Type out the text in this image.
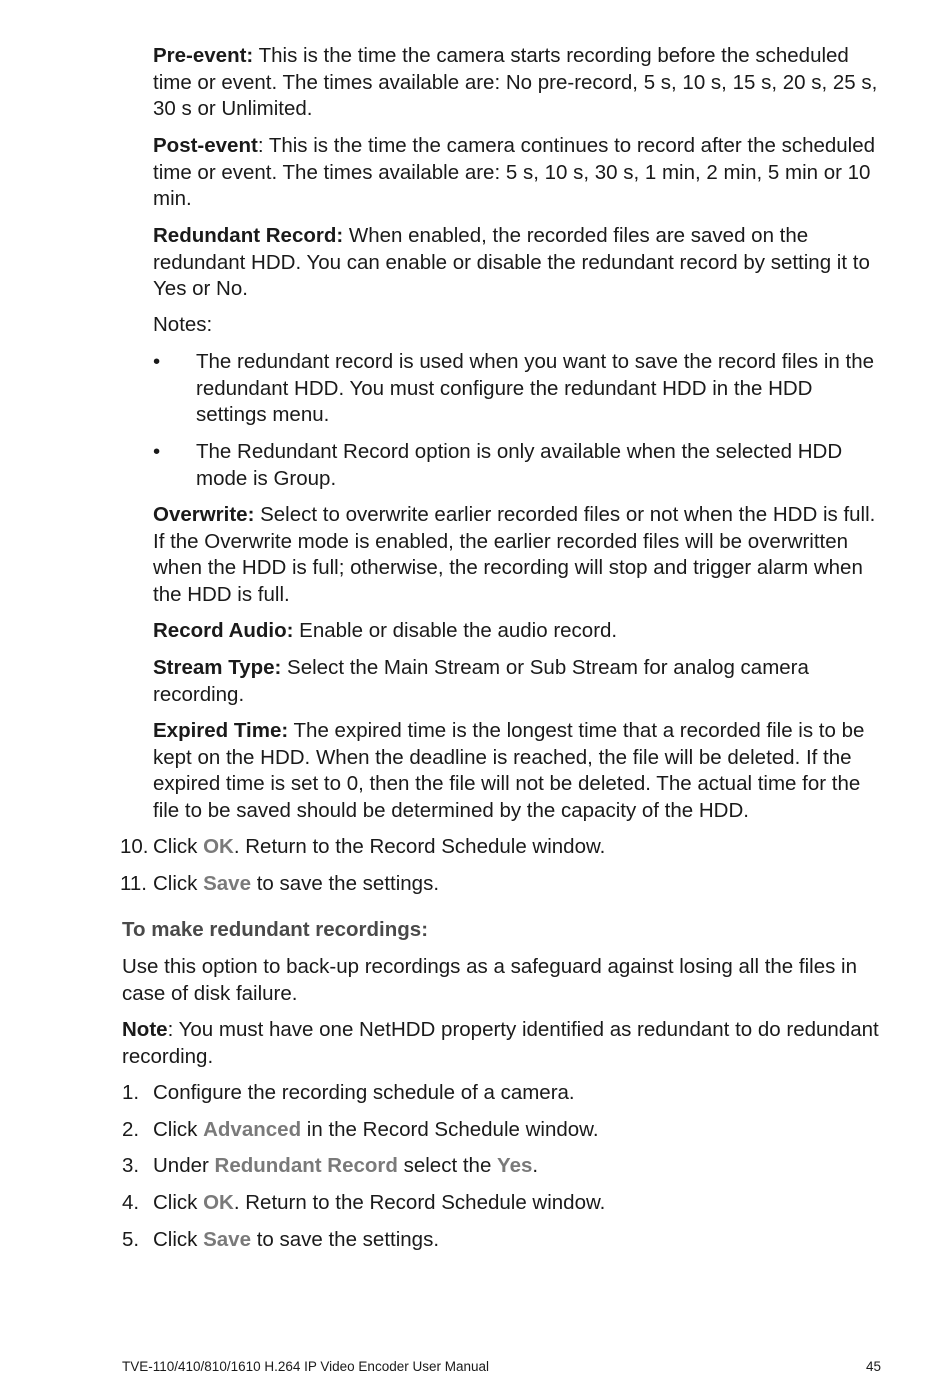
Pre-event: This is the time the camera starts recording before the scheduled time or event. The times available are: No pre-record, 5 s, 10 s, 15 s, 20 s, 25 s, 30 s or Unlimited.

Post-event: This is the time the camera continues to record after the scheduled time or event. The times available are: 5 s, 10 s, 30 s, 1 min, 2 min, 5 min or 10 min.

Redundant Record: When enabled, the recorded files are saved on the redundant HDD. You can enable or disable the redundant record by setting it to Yes or No.

Notes:

• The redundant record is used when you want to save the record files in the redundant HDD. You must configure the redundant HDD in the HDD settings menu.

• The Redundant Record option is only available when the selected HDD mode is Group.

Overwrite: Select to overwrite earlier recorded files or not when the HDD is full. If the Overwrite mode is enabled, the earlier recorded files will be overwritten when the HDD is full; otherwise, the recording will stop and trigger alarm when the HDD is full.

Record Audio: Enable or disable the audio record.

Stream Type: Select the Main Stream or Sub Stream for analog camera recording.

Expired Time: The expired time is the longest time that a recorded file is to be kept on the HDD. When the deadline is reached, the file will be deleted. If the expired time is set to 0, then the file will not be deleted. The actual time for the file to be saved should be determined by the capacity of the HDD.

10. Click OK. Return to the Record Schedule window.

11. Click Save to save the settings.

To make redundant recordings:

Use this option to back-up recordings as a safeguard against losing all the files in case of disk failure.

Note: You must have one NetHDD property identified as redundant to do redundant recording.

1. Configure the recording schedule of a camera.

2. Click Advanced in the Record Schedule window.

3. Under Redundant Record select the Yes.

4. Click OK. Return to the Record Schedule window.

5. Click Save to save the settings.

TVE-110/410/810/1610 H.264 IP Video Encoder User Manual	45
